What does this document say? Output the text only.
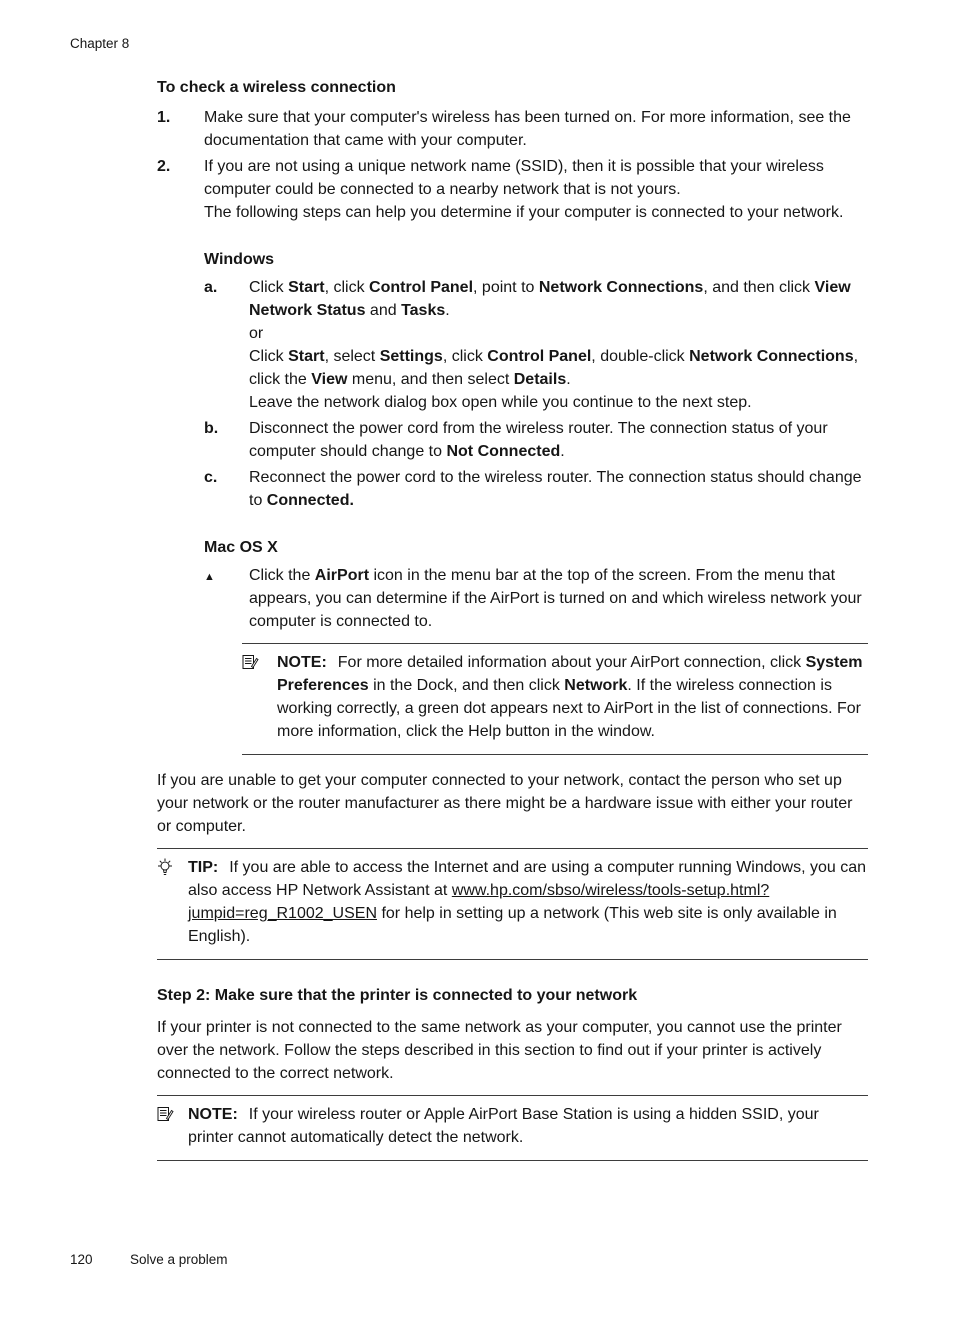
Chapter 8
To check a wireless connection
1.	Make sure that your computer's wireless has been turned on. For more information, see the documentation that came with your computer.

2.	If you are not using a unique network name (SSID), then it is possible that your wireless computer could be connected to a nearby network that is not yours.

The following steps can help you determine if your computer is connected to your network.

Windows
a.	Click Start, click Control Panel, point to Network Connections, and then click View Network Status and Tasks.

or

Click Start, select Settings, click Control Panel, double-click Network Connections, click the View menu, and then select Details.

Leave the network dialog box open while you continue to the next step.

b.	Disconnect the power cord from the wireless router. The connection status of your computer should change to Not Connected.

c.	Reconnect the power cord to the wireless router. The connection status should change to Connected.

Mac OS X
▲	Click the AirPort icon in the menu bar at the top of the screen. From the menu that appears, you can determine if the AirPort is turned on and which wireless network your computer is connected to.

NOTE: For more detailed information about your AirPort connection, click System Preferences in the Dock, and then click Network. If the wireless connection is working correctly, a green dot appears next to AirPort in the list of connections. For more information, click the Help button in the window.

If you are unable to get your computer connected to your network, contact the person who set up your network or the router manufacturer as there might be a hardware issue with either your router or computer.

TIP: If you are able to access the Internet and are using a computer running Windows, you can also access HP Network Assistant at www.hp.com/sbso/wireless/tools-setup.html?jumpid=reg_R1002_USEN for help in setting up a network (This web site is only available in English).

Step 2: Make sure that the printer is connected to your network

If your printer is not connected to the same network as your computer, you cannot use the printer over the network. Follow the steps described in this section to find out if your printer is actively connected to the correct network.

NOTE: If your wireless router or Apple AirPort Base Station is using a hidden SSID, your printer cannot automatically detect the network.

120	Solve a problem
